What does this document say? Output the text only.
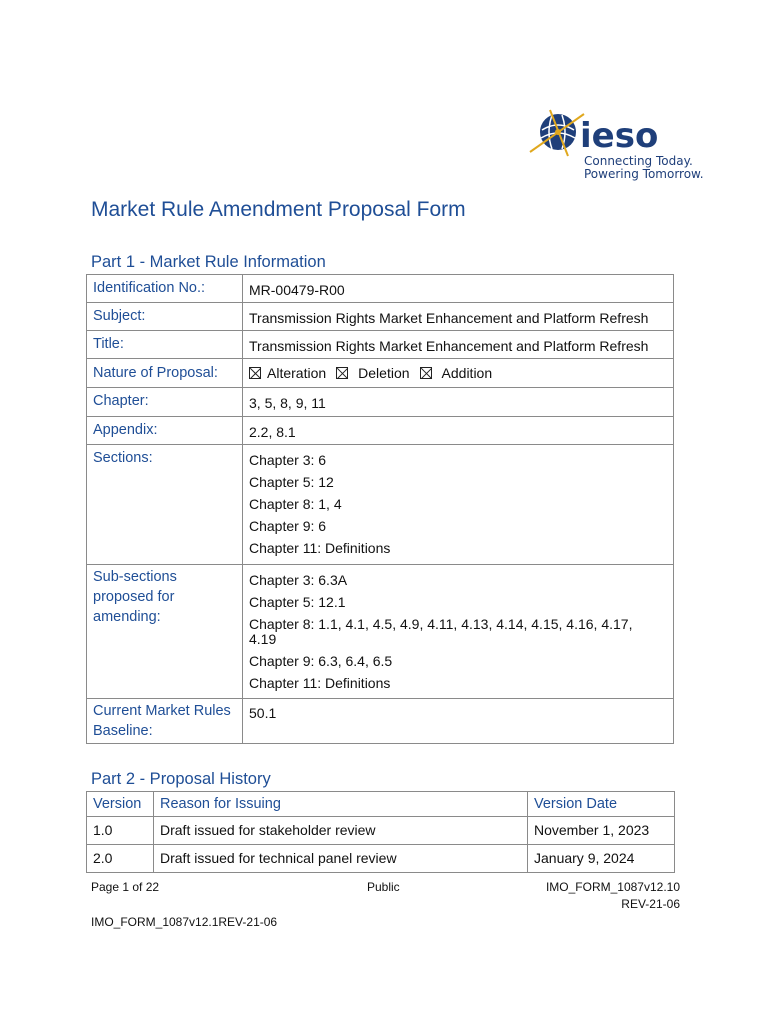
ieso
Connecting Today.
Powering Tomorrow.
Market Rule Amendment Proposal Form
Part 1 - Market Rule Information
Identification No.:	MR-00479-R00

Subject:	Transmission Rights Market Enhancement and Platform Refresh

Title:	Transmission Rights Market Enhancement and Platform Refresh

Nature of Proposal:	Alteration Deletion Addition

Chapter:	3, 5, 8, 9, 11

Appendix:	2.2, 8.1

Sections:	Chapter 3: 6
Chapter 5: 12
Chapter 8: 1, 4
Chapter 9: 6
Chapter 11: Definitions

Sub-sections
proposed for
amending:	Chapter 3: 6.3A
Chapter 5: 12.1
Chapter 8: 1.1, 4.1, 4.5, 4.9, 4.11, 4.13, 4.14, 4.15, 4.16, 4.17, 4.19
Chapter 9: 6.3, 6.4, 6.5
Chapter 11: Definitions

Current Market Rules
Baseline:	50.1
Part 2 - Proposal History
Version	Reason for Issuing	Version Date
1.0	Draft issued for stakeholder review	November 1, 2023
2.0	Draft issued for technical panel review	January 9, 2024
Page 1 of 22	Public	IMO_FORM_1087v12.10
REV-21-06
IMO_FORM_1087v12.1REV-21-06
